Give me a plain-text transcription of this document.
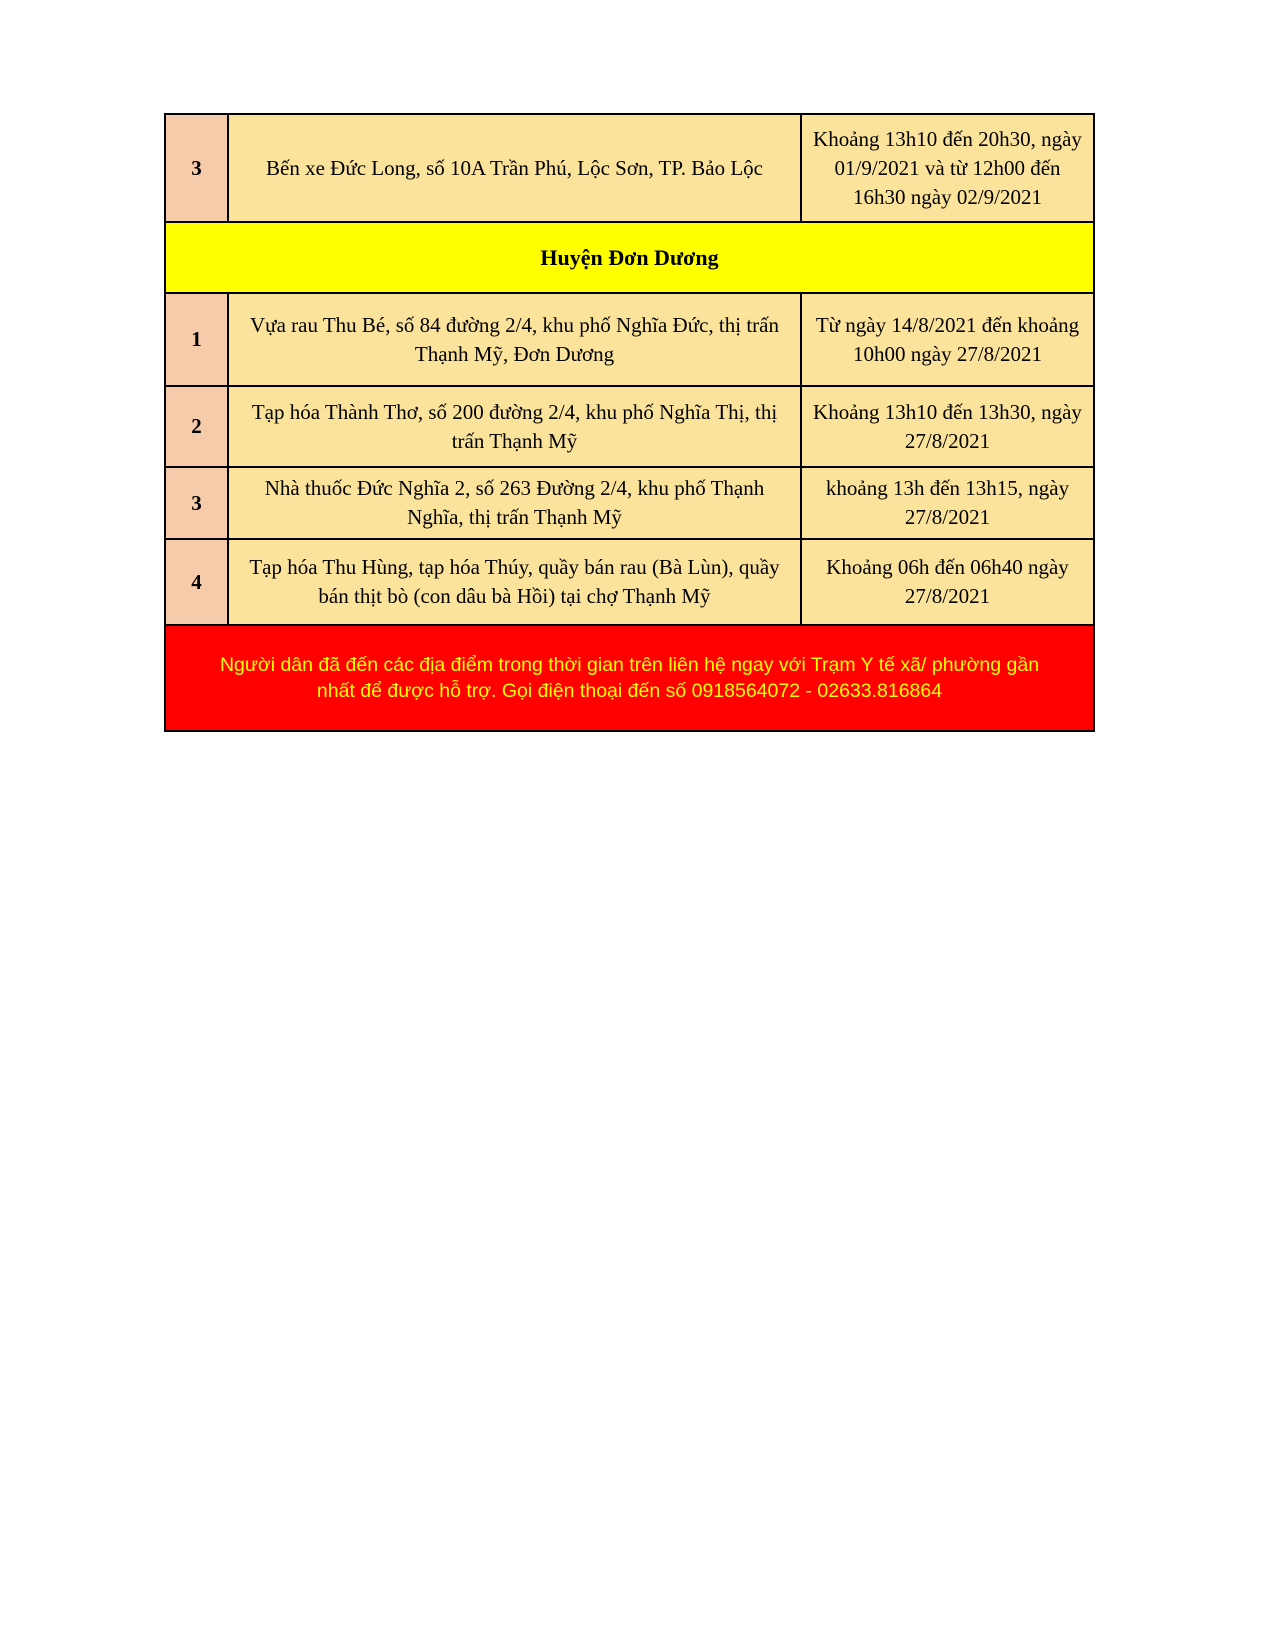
3	Bến xe Đức Long, số 10A Trần Phú, Lộc Sơn, TP. Bảo Lộc	Khoảng 13h10 đến 20h30, ngày 01/9/2021 và từ 12h00 đến 16h30 ngày 02/9/2021
Huyện Đơn Dương		
1	Vựa rau Thu Bé, số 84 đường 2/4, khu phố Nghĩa Đức, thị trấn Thạnh Mỹ, Đơn Dương	Từ ngày 14/8/2021 đến khoảng 10h00 ngày 27/8/2021
2	Tạp hóa Thành Thơ, số 200 đường 2/4, khu phố Nghĩa Thị, thị trấn Thạnh Mỹ	Khoảng 13h10 đến 13h30, ngày 27/8/2021
3	Nhà thuốc Đức Nghĩa 2, số 263 Đường 2/4, khu phố Thạnh Nghĩa, thị trấn Thạnh Mỹ	khoảng 13h đến 13h15, ngày 27/8/2021
4	Tạp hóa Thu Hùng, tạp hóa Thúy, quầy bán rau (Bà Lùn), quầy bán thịt bò (con dâu bà Hồi) tại chợ Thạnh Mỹ	Khoảng 06h đến 06h40 ngày 27/8/2021
Người dân đã đến các địa điểm trong thời gian trên liên hệ ngay với Trạm Y tế xã/ phường gần nhất để được hỗ trợ. Gọi điện thoại đến số 0918564072 - 02633.816864		
